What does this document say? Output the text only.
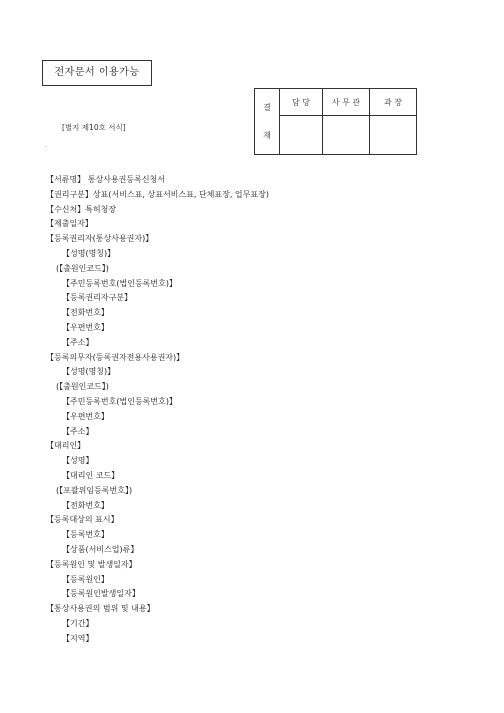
전자문서 이용가능
[별지 제10호 서식]
.
결

재	담 당	사 무 관	과 장

【서류명】 통상사용권등록신청서
【권리구분】상표(서비스표, 상표서비스표, 단체표장, 업무표장)
【수신처】특허청장
【제출일자】
【등록권리자(통상사용권자)】
【성명(명칭)】
(【출원인코드】)
【주민등록번호(법인등록번호)】
【등록권리자구분】
【전화번호】
【우편번호】
【주소】
【등록의무자(등록권자전용사용권자)】
【성명(명칭)】
(【출원인코드】)
【주민등록번호(법인등록번호)】
【우편번호】
【주소】
【대리인】
【성명】
【대리인 코드】
(【포괄위임등록번호】)
【전화번호】
【등록대상의 표시】
【등록번호】
【상품(서비스업)류】
【등록원인 및 발생일자】
【등록원인】
【등록원인발생일자】
【통상사용권의 범위 및 내용】
【기간】
【지역】
